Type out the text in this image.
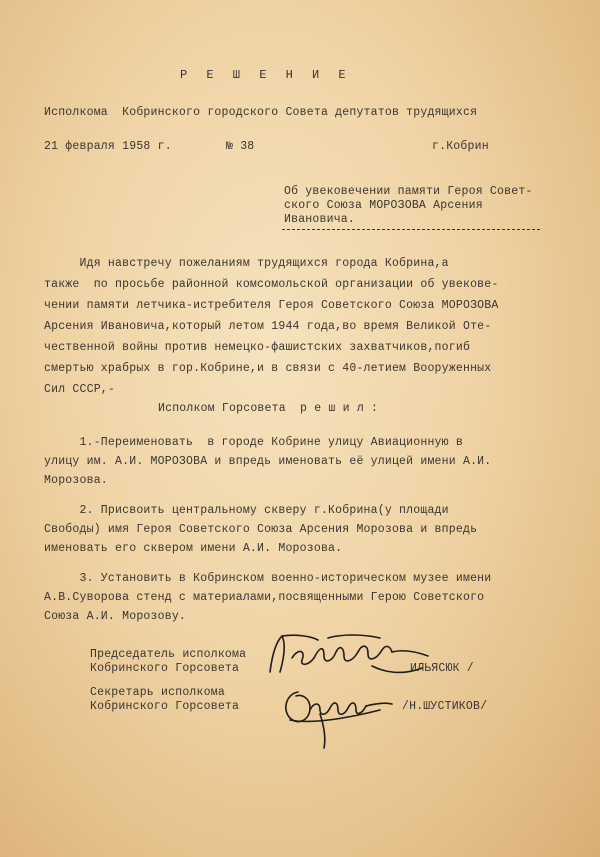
Р Е Ш Е Н И Е
Исполкома  Кобринского городского Совета депутатов трудящихся
21 февраля 1958 г.	№ 38	г.Кобрин
Об увековечении памяти Героя Совет-
ского Союза МОРОЗОВА Арсения
Ивановича.
Идя навстречу пожеланиям трудящихся города Кобрина,а
также  по просьбе районной комсомольской организации об увекове-
чении памяти летчика-истребителя Героя Советского Союза МОРОЗОВА
Арсения Ивановича,который летом 1944 года,во время Великой Оте-
чественной войны против немецко-фашистских захватчиков,погиб
смертью храбрых в гор.Кобрине,и в связи с 40-летием Вооруженных
Сил СССР,-
Исполком Горсовета  р е ш и л :
1.-Переименовать  в городе Кобрине улицу Авиационную в
улицу им. А.И. МОРОЗОВА и впредь именовать её улицей имени А.И.
Морозова.
2. Присвоить центральному скверу г.Кобрина(у площади
Свободы) имя Героя Советского Союза Арсения Морозова и впредь
именовать его сквером имени А.И. Морозова.
3. Установить в Кобринском военно-историческом музее имени
А.В.Суворова стенд с материалами,посвященными Герою Советского
Союза А.И. Морозову.
Председатель исполкома
Кобринского Горсовета	ИЛЬЯСЮК /
Секретарь исполкома
Кобринского Горсовета	/Н.ШУСТИКОВ/
